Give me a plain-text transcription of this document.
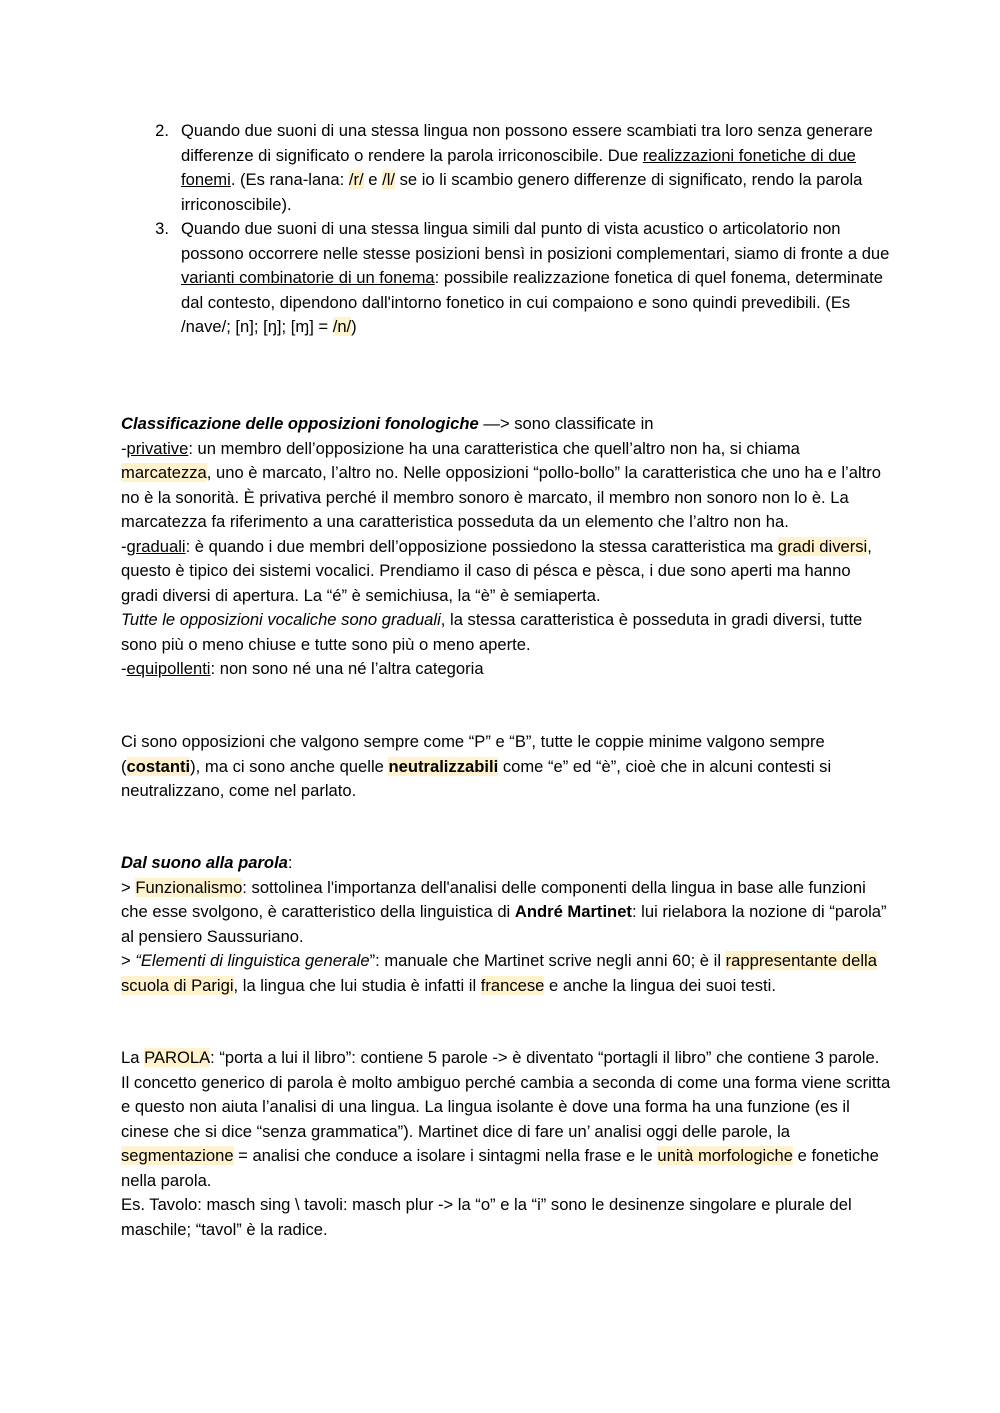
2. Quando due suoni di una stessa lingua non possono essere scambiati tra loro senza generare differenze di significato o rendere la parola irriconoscibile. Due realizzazioni fonetiche di due fonemi. (Es rana-lana: /r/ e /l/ se io li scambio genero differenze di significato, rendo la parola irriconoscibile).
3. Quando due suoni di una stessa lingua simili dal punto di vista acustico o articolatorio non possono occorrere nelle stesse posizioni bensì in posizioni complementari, siamo di fronte a due varianti combinatorie di un fonema: possibile realizzazione fonetica di quel fonema, determinate dal contesto, dipendono dall'intorno fonetico in cui compaiono e sono quindi prevedibili. (Es /nave/; [n]; [ŋ]; [ɱ] = /n/)

Classificazione delle opposizioni fonologiche —> sono classificate in

-privative: un membro dell’opposizione ha una caratteristica che quell’altro non ha, si chiama marcatezza, uno è marcato, l’altro no. Nelle opposizioni “pollo-bollo” la caratteristica che uno ha e l’altro no è la sonorità. È privativa perché il membro sonoro è marcato, il membro non sonoro non lo è. La marcatezza fa riferimento a una caratteristica posseduta da un elemento che l’altro non ha.

-graduali: è quando i due membri dell’opposizione possiedono la stessa caratteristica ma gradi diversi, questo è tipico dei sistemi vocalici. Prendiamo il caso di pésca e pèsca, i due sono aperti ma hanno gradi diversi di apertura. La “é” è semichiusa, la “è” è semiaperta.
Tutte le opposizioni vocaliche sono graduali, la stessa caratteristica è posseduta in gradi diversi, tutte sono più o meno chiuse e tutte sono più o meno aperte.

-equipollenti: non sono né una né l’altra categoria

Ci sono opposizioni che valgono sempre come “P” e “B”, tutte le coppie minime valgono sempre (costanti), ma ci sono anche quelle neutralizzabili come “e” ed “è”, cioè che in alcuni contesti si neutralizzano, come nel parlato.

Dal suono alla parola:

> Funzionalismo: sottolinea l'importanza dell'analisi delle componenti della lingua in base alle funzioni che esse svolgono, è caratteristico della linguistica di André Martinet: lui rielabora la nozione di “parola” al pensiero Saussuriano.

> “Elementi di linguistica generale”: manuale che Martinet scrive negli anni 60; è il rappresentante della scuola di Parigi, la lingua che lui studia è infatti il francese e anche la lingua dei suoi testi.

La PAROLA: “porta a lui il libro”: contiene 5 parole -> è diventato “portagli il libro” che contiene 3 parole. Il concetto generico di parola è molto ambiguo perché cambia a seconda di come una forma viene scritta e questo non aiuta l’analisi di una lingua. La lingua isolante è dove una forma ha una funzione (es il cinese che si dice “senza grammatica”). Martinet dice di fare un’ analisi oggi delle parole, la segmentazione = analisi che conduce a isolare i sintagmi nella frase e le unità morfologiche e fonetiche nella parola.

Es. Tavolo: masch sing \ tavoli: masch plur -> la “o” e la “i” sono le desinenze singolare e plurale del maschile; “tavol” è la radice.
